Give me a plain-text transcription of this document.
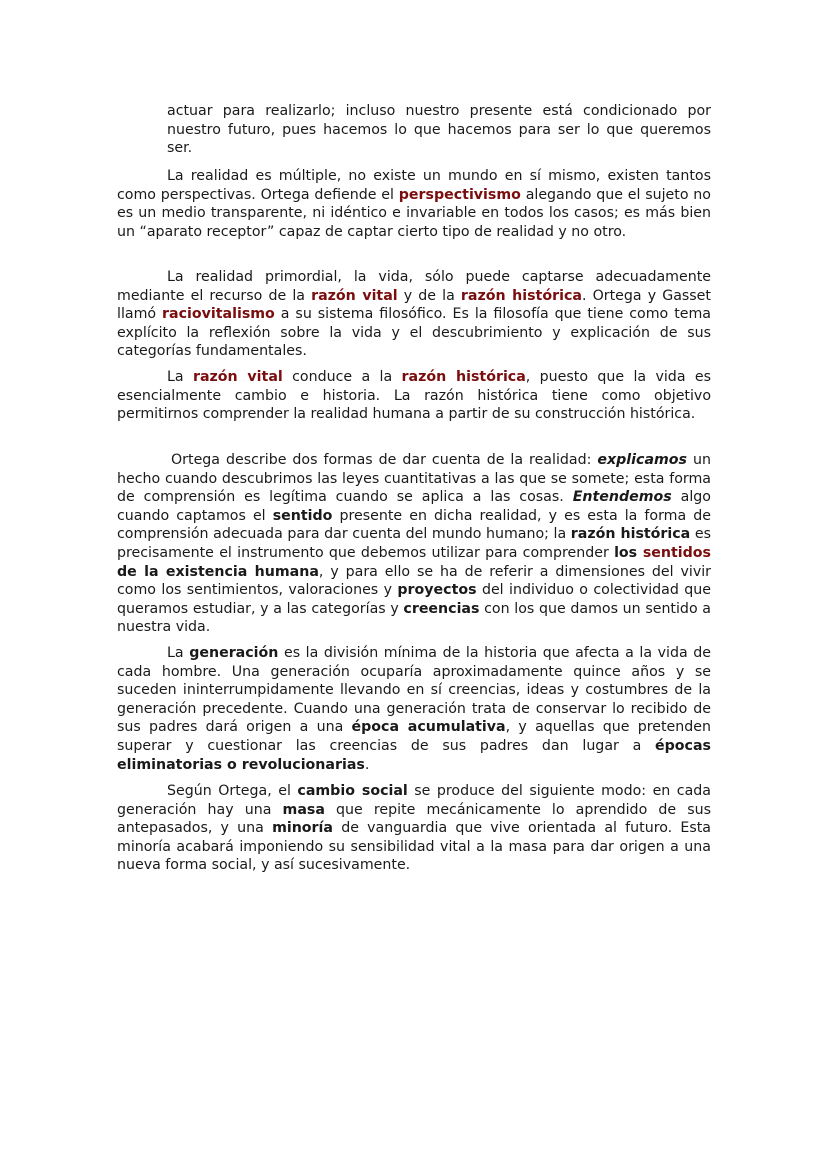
actuar para realizarlo; incluso nuestro presente está condicionado por nuestro futuro, pues hacemos lo que hacemos para ser lo que queremos ser.

La realidad es múltiple, no existe un mundo en sí mismo, existen tantos como perspectivas. Ortega defiende el perspectivismo alegando que el sujeto no es un medio transparente, ni idéntico e invariable en todos los casos; es más bien un “aparato receptor” capaz de captar cierto tipo de realidad y no otro.

La realidad primordial, la vida, sólo puede captarse adecuadamente mediante el recurso de la razón vital y de la razón histórica. Ortega y Gasset llamó raciovitalismo a su sistema filosófico. Es la filosofía que tiene como tema explícito la reflexión sobre la vida y el descubrimiento y explicación de sus categorías fundamentales.

La razón vital conduce a la razón histórica, puesto que la vida es esencialmente cambio e historia. La razón histórica tiene como objetivo permitirnos comprender la realidad humana a partir de su construcción histórica.

Ortega describe dos formas de dar cuenta de la realidad: explicamos un hecho cuando descubrimos las leyes cuantitativas a las que se somete; esta forma de comprensión es legítima cuando se aplica a las cosas. Entendemos algo cuando captamos el sentido presente en dicha realidad, y es esta la forma de comprensión adecuada para dar cuenta del mundo humano; la razón histórica es precisamente el instrumento que debemos utilizar para comprender los sentidos de la existencia humana, y para ello se ha de referir a dimensiones del vivir como los sentimientos, valoraciones y proyectos del individuo o colectividad que queramos estudiar, y a las categorías y creencias con los que damos un sentido a nuestra vida.

La generación es la división mínima de la historia que afecta a la vida de cada hombre. Una generación ocuparía aproximadamente quince años y se suceden ininterrumpidamente llevando en sí creencias, ideas y costumbres de la generación precedente. Cuando una generación trata de conservar lo recibido de sus padres dará origen a una época acumulativa, y aquellas que pretenden superar y cuestionar las creencias de sus padres dan lugar a épocas eliminatorias o revolucionarias.

Según Ortega, el cambio social se produce del siguiente modo: en cada generación hay una masa que repite mecánicamente lo aprendido de sus antepasados, y una minoría de vanguardia que vive orientada al futuro. Esta minoría acabará imponiendo su sensibilidad vital a la masa para dar origen a una nueva forma social, y así sucesivamente.
